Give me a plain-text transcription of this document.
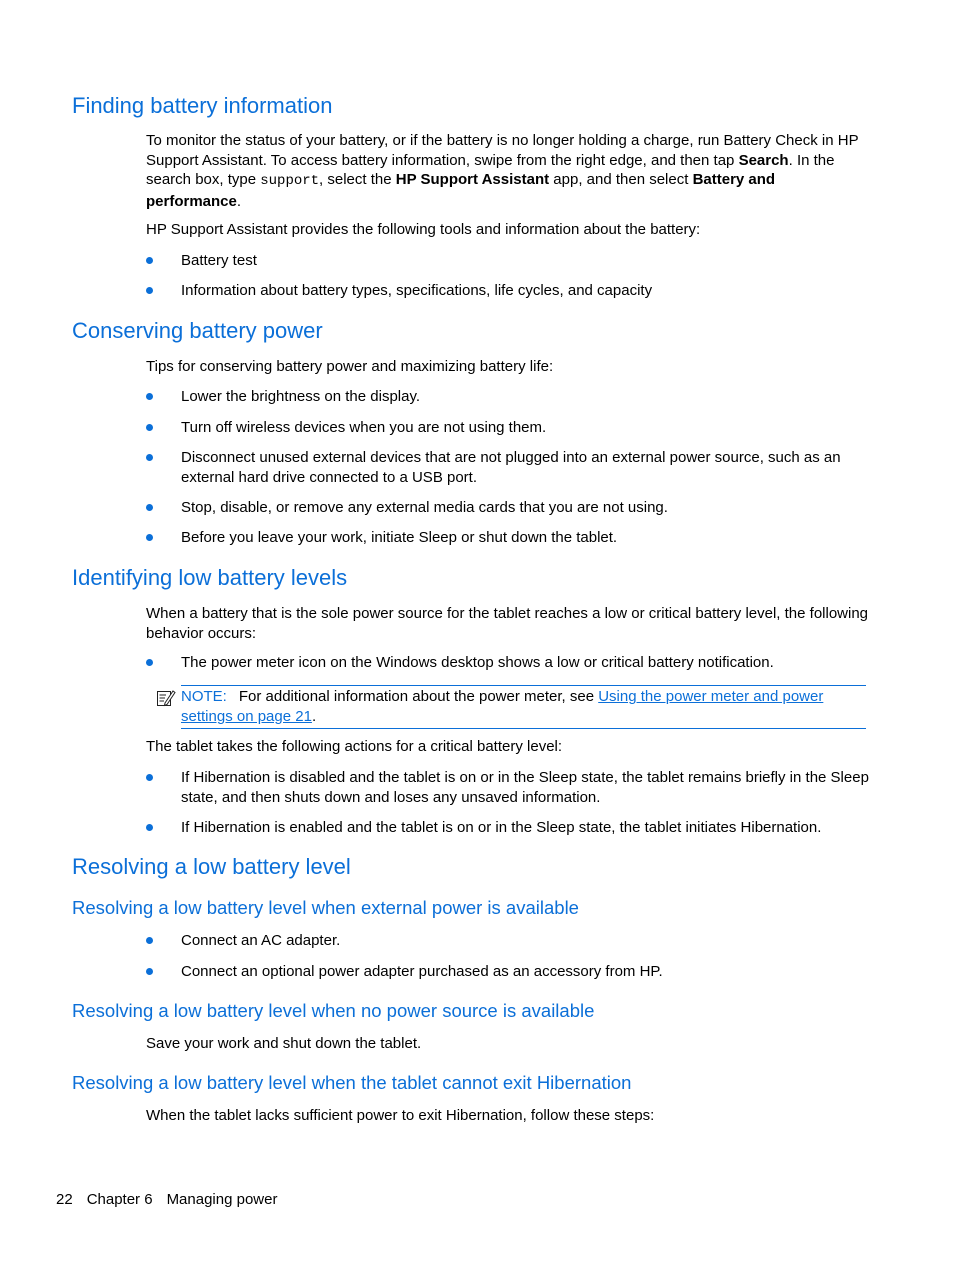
Finding battery information

To monitor the status of your battery, or if the battery is no longer holding a charge, run Battery Check in HP Support Assistant. To access battery information, swipe from the right edge, and then tap Search. In the search box, type support, select the HP Support Assistant app, and then select Battery and performance.

HP Support Assistant provides the following tools and information about the battery:

Battery test
Information about battery types, specifications, life cycles, and capacity
Conserving battery power

Tips for conserving battery power and maximizing battery life:

Lower the brightness on the display.
Turn off wireless devices when you are not using them.
Disconnect unused external devices that are not plugged into an external power source, such as an external hard drive connected to a USB port.
Stop, disable, or remove any external media cards that you are not using.
Before you leave your work, initiate Sleep or shut down the tablet.
Identifying low battery levels

When a battery that is the sole power source for the tablet reaches a low or critical battery level, the following behavior occurs:

The power meter icon on the Windows desktop shows a low or critical battery notification.
NOTE: For additional information about the power meter, see Using the power meter and power settings on page 21.

The tablet takes the following actions for a critical battery level:

If Hibernation is disabled and the tablet is on or in the Sleep state, the tablet remains briefly in the Sleep state, and then shuts down and loses any unsaved information.
If Hibernation is enabled and the tablet is on or in the Sleep state, the tablet initiates Hibernation.
Resolving a low battery level
Resolving a low battery level when external power is available
Connect an AC adapter.
Connect an optional power adapter purchased as an accessory from HP.
Resolving a low battery level when no power source is available

Save your work and shut down the tablet.

Resolving a low battery level when the tablet cannot exit Hibernation

When the tablet lacks sufficient power to exit Hibernation, follow these steps:

22 Chapter 6 Managing power
